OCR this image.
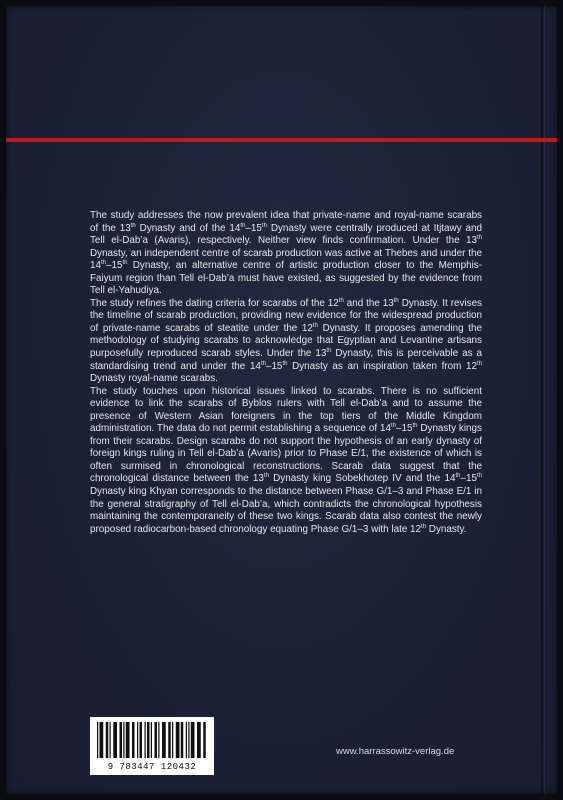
The study addresses the now prevalent idea that private-name and royal-name scarabs of the 13th Dynasty and of the 14th–15th Dynasty were centrally produced at Itjtawy and Tell el-Dab’a (Avaris), respectively. Neither view finds confirmation. Under the 13th Dynasty, an independent centre of scarab production was active at Thebes and under the 14th–15th Dynasty, an alternative centre of artistic production closer to the Memphis-Faiyum region than Tell el-Dab’a must have existed, as suggested by the evidence from Tell el-Yahudiya.

The study refines the dating criteria for scarabs of the 12th and the 13th Dynasty. It revises the timeline of scarab production, providing new evidence for the widespread production of private-name scarabs of steatite under the 12th Dynasty. It proposes amending the methodology of studying scarabs to acknowledge that Egyptian and Levantine artisans purposefully reproduced scarab styles. Under the 13th Dynasty, this is perceivable as a standardising trend and under the 14th–15th Dynasty as an inspiration taken from 12th Dynasty royal-name scarabs.

The study touches upon historical issues linked to scarabs. There is no sufficient evidence to link the scarabs of Byblos rulers with Tell el-Dab’a and to assume the presence of Western Asian foreigners in the top tiers of the Middle Kingdom administration. The data do not permit establishing a sequence of 14th–15th Dynasty kings from their scarabs. Design scarabs do not support the hypothesis of an early dynasty of foreign kings ruling in Tell el-Dab’a (Avaris) prior to Phase E/1, the existence of which is often surmised in chronological reconstructions. Scarab data suggest that the chronological distance between the 13th Dynasty king Sobekhotep IV and the 14th–15th Dynasty king Khyan corresponds to the distance between Phase G/1–3 and Phase E/1 in the general stratigraphy of Tell el-Dab’a, which contradicts the chronological hypothesis maintaining the contemporaneity of these two kings. Scarab data also contest the newly proposed radiocarbon-based chronology equating Phase G/1–3 with late 12th Dynasty.

9 783447 120432
www.harrassowitz-verlag.de
